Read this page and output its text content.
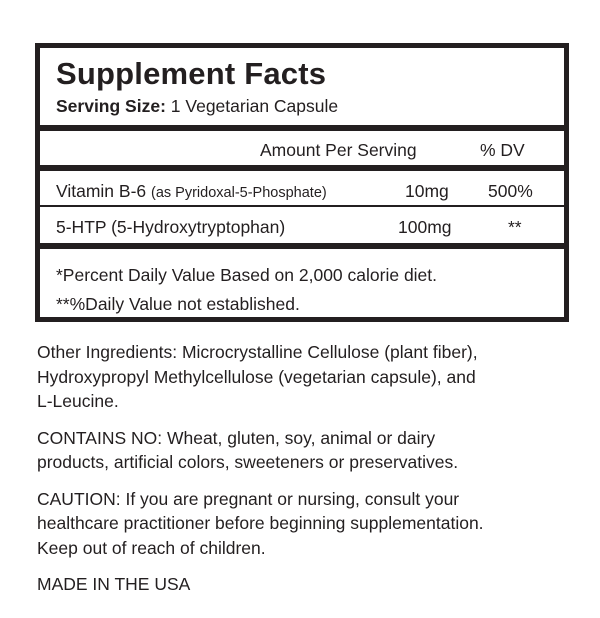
Supplement Facts
Serving Size: 1 Vegetarian Capsule
Amount Per Serving	% DV
Vitamin B-6 (as Pyridoxal-5-Phosphate)	10mg 500%
5-HTP (5-Hydroxytryptophan)	100mg	**
*Percent Daily Value Based on 2,000 calorie diet.
**%Daily Value not established.
Other Ingredients: Microcrystalline Cellulose (plant fiber),
Hydroxypropyl Methylcellulose (vegetarian capsule), and
L-Leucine.
CONTAINS NO: Wheat, gluten, soy, animal or dairy
products, artificial colors, sweeteners or preservatives.
CAUTION: If you are pregnant or nursing, consult your
healthcare practitioner before beginning supplementation.
Keep out of reach of children.
MADE IN THE USA
